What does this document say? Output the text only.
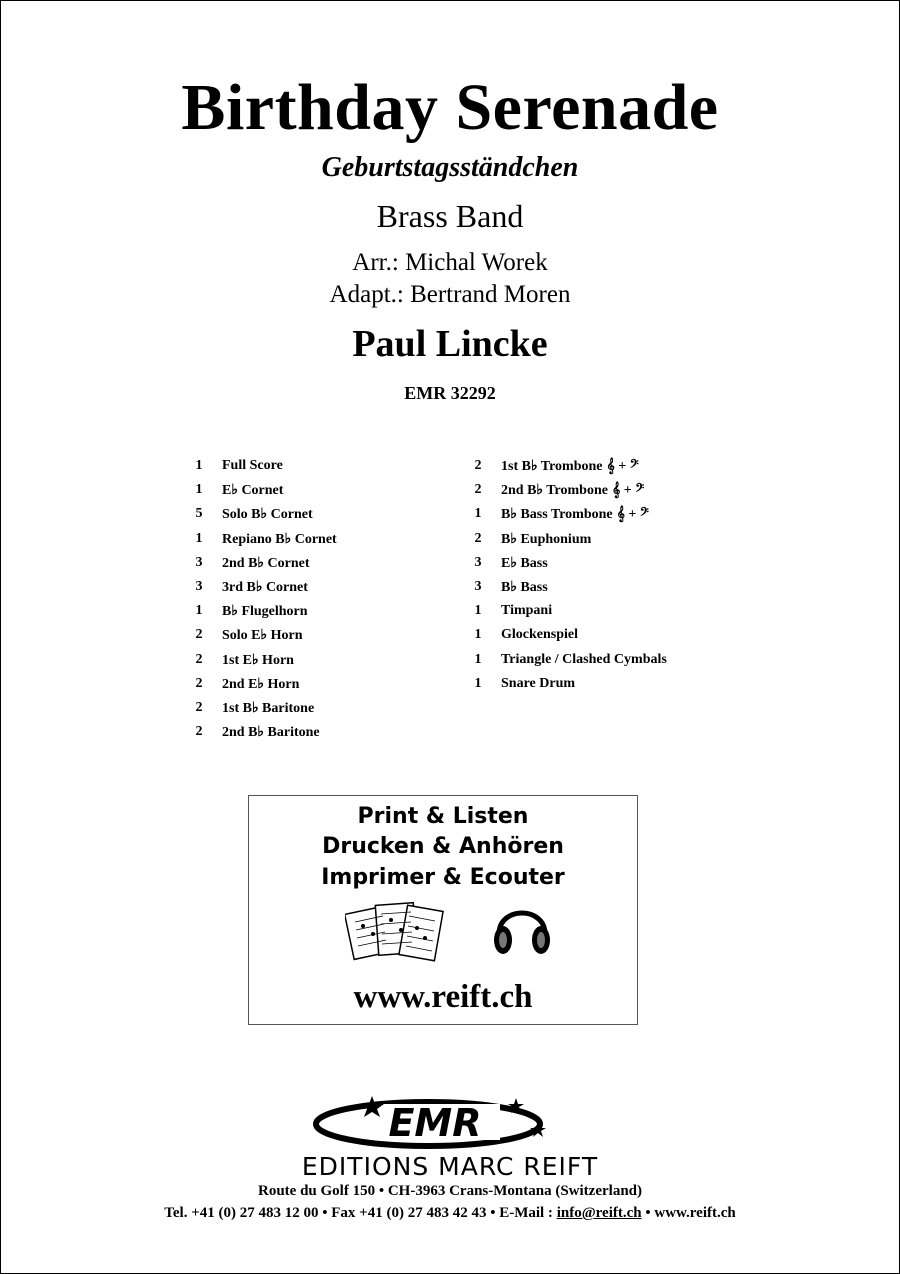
Birthday Serenade
Geburtstagsständchen
Brass Band
Arr.: Michal Worek
Adapt.: Bertrand Moren
Paul Lincke
EMR 32292
1 Full Score
1 E♭ Cornet
5 Solo B♭ Cornet
1 Repiano B♭ Cornet
3 2nd B♭ Cornet
3 3rd B♭ Cornet
1 B♭ Flugelhorn
2 Solo E♭ Horn
2 1st E♭ Horn
2 2nd E♭ Horn
2 1st B♭ Baritone
2 2nd B♭ Baritone
2 1st B♭ Trombone 𝄞 + 𝄢
2 2nd B♭ Trombone 𝄞 + 𝄢
1 B♭ Bass Trombone 𝄞 + 𝄢
2 B♭ Euphonium
3 E♭ Bass
3 B♭ Bass
1 Timpani
1 Glockenspiel
1 Triangle / Clashed Cymbals
1 Snare Drum
Print & Listen
Drucken & Anhören
Imprimer & Ecouter
www.reift.ch
EMR
EDITIONS MARC REIFT
Route du Golf 150 • CH-3963 Crans-Montana (Switzerland)
Tel. +41 (0) 27 483 12 00 • Fax +41 (0) 27 483 42 43 • E-Mail : info@reift.ch • www.reift.ch
